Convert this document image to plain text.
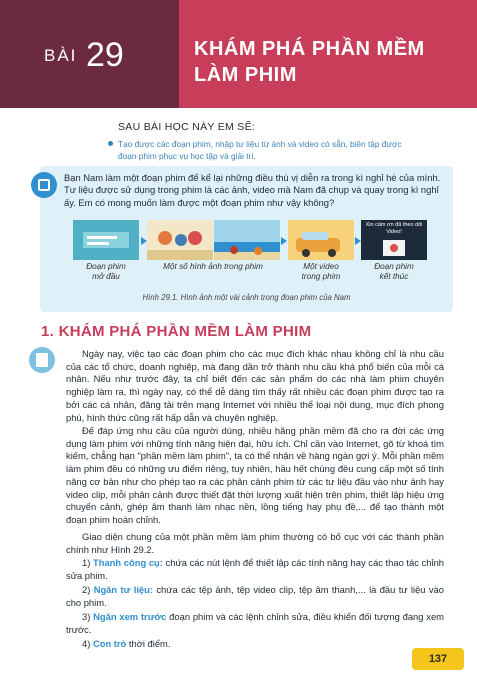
BÀI 29	KHÁM PHÁ PHẦN MỀM
LÀM PHIM
SAU BÀI HỌC NÀY EM SẼ:
Tạo được các đoạn phim, nhập tư liệu từ ảnh và video có sẵn, biên tập được
đoạn phim phục vụ học tập và giải trí.
Bạn Nam làm một đoạn phim để kể lại những điều thú vị diễn ra trong kì nghỉ hè của mình. Tư liệu được sử dụng trong phim là các ảnh, video mà Nam đã chụp và quay trong kì nghỉ ấy. Em có mong muốn làm được một đoạn phim như vậy không?
Xin cảm ơn đã theo dõi Video!
Đoạn phim
mở đầu
Một số hình ảnh trong phim	Một video
trong phim
Đoạn phim
kết thúc
Hình 29.1. Hình ảnh một vài cảnh trong đoạn phim của Nam
1. KHÁM PHÁ PHẦN MỀM LÀM PHIM
Ngày nay, việc tạo các đoạn phim cho các mục đích khác nhau không chỉ là nhu cầu của các tổ chức, doanh nghiệp, mà đang dần trở thành nhu cầu khá phổ biến của mỗi cá nhân. Nếu như trước đây, ta chỉ biết đến các sản phẩm do các nhà làm phim chuyên nghiệp làm ra, thì ngày nay, có thể dễ dàng tìm thấy rất nhiều các đoạn phim được tạo ra bởi các cá nhân, đăng tải trên mạng Internet với nhiều thể loại nội dung, mục đích phong phú, hình thức cũng rất hấp dẫn và chuyên nghiệp.
Để đáp ứng nhu cầu của người dùng, nhiều hãng phần mềm đã cho ra đời các ứng dụng làm phim với những tính năng hiện đại, hữu ích. Chỉ cần vào Internet, gõ từ khoá tìm kiếm, chẳng hạn "phần mềm làm phim", ta có thể nhận về hàng ngàn gợi ý. Mỗi phần mềm làm phim đều có những ưu điểm riêng, tuy nhiên, hầu hết chúng đều cung cấp một số tính năng cơ bản như cho phép tạo ra các phân cảnh phim từ các tư liệu đầu vào như ảnh hay video clip, mỗi phân cảnh được thiết đặt thời lượng xuất hiện trên phim, thiết lập hiệu ứng chuyển cảnh, ghép âm thanh làm nhạc nền, lồng tiếng hay phụ đề,... để tạo thành một đoạn phim hoàn chỉnh.
Giao diện chung của một phần mềm làm phim thường có bố cục với các thành phần chính như Hình 29.2.
1) Thanh công cụ: chứa các nút lệnh để thiết lập các tính năng hay các thao tác chỉnh sửa phim.
2) Ngăn tư liệu: chứa các tệp ảnh, tệp video clip, tệp âm thanh,... là đầu tư liệu vào cho phim.
3) Ngăn xem trước đoạn phim và các lệnh chỉnh sửa, điều khiển đối tượng đang xem trước.
4) Con trỏ thời điểm.
137
